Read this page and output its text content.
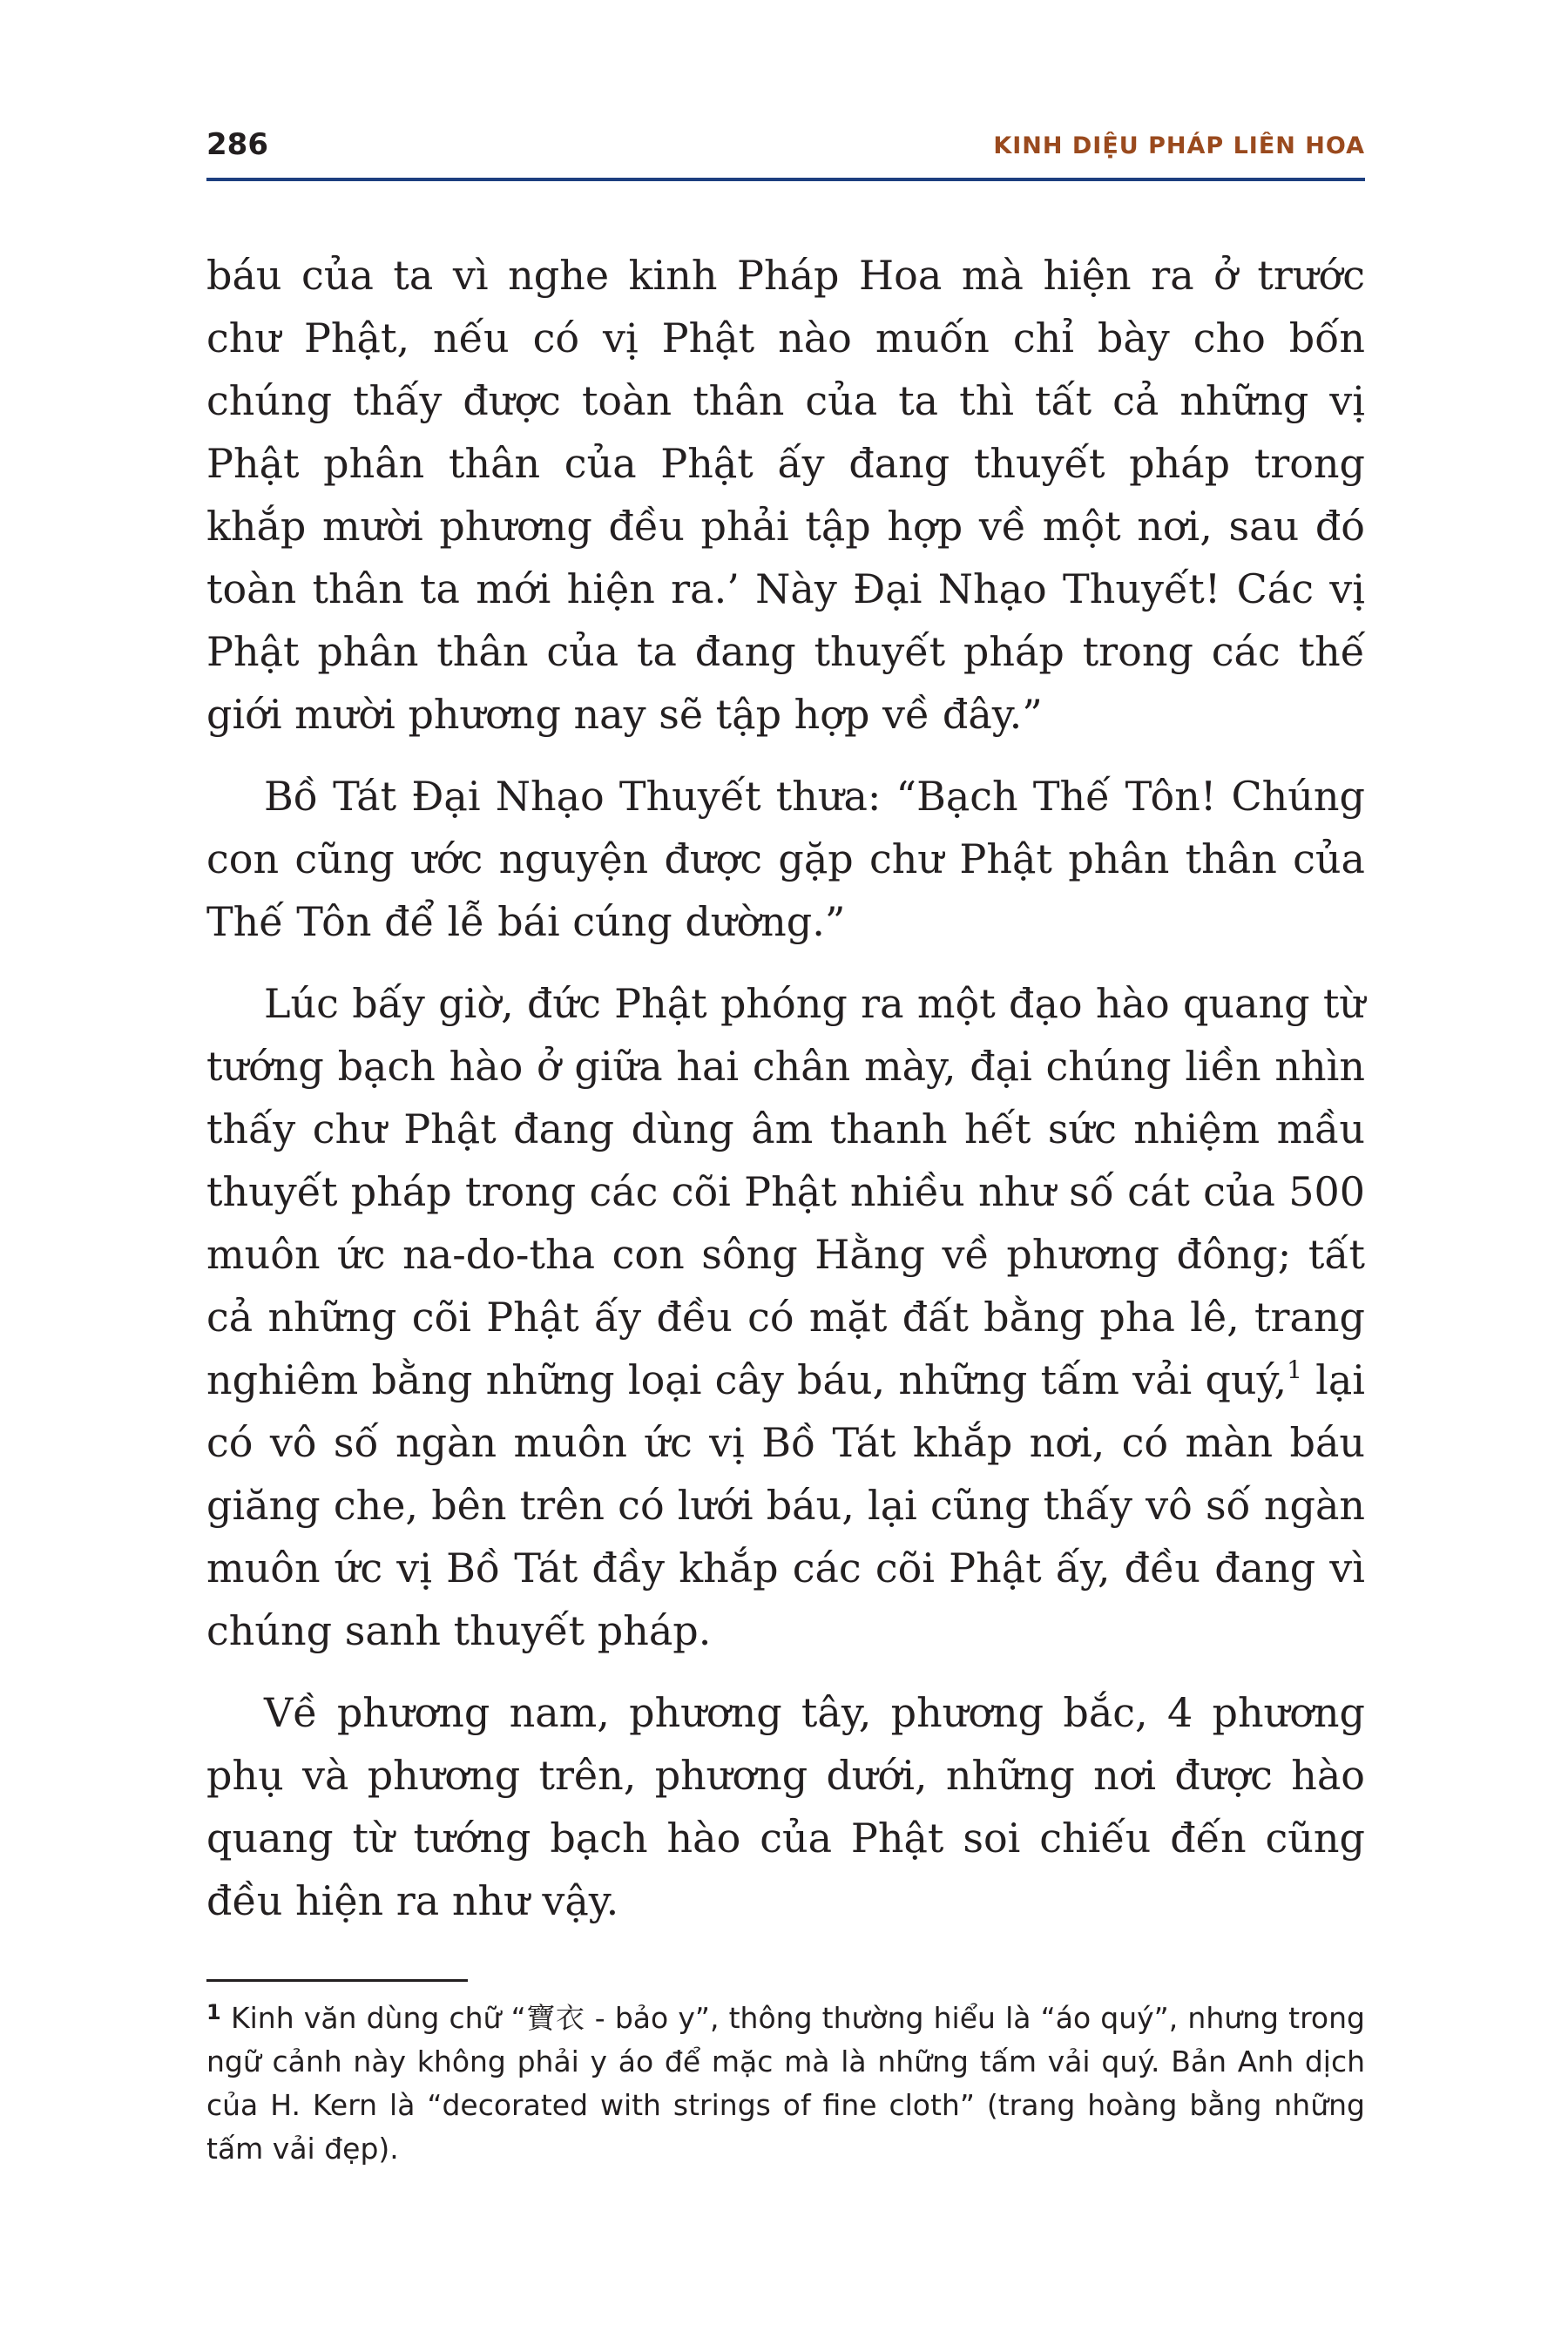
286	KINH DIỆU PHÁP LIÊN HOA

báu của ta vì nghe kinh Pháp Hoa mà hiện ra ở trước chư Phật, nếu có vị Phật nào muốn chỉ bày cho bốn chúng thấy được toàn thân của ta thì tất cả những vị Phật phân thân của Phật ấy đang thuyết pháp trong khắp mười phương đều phải tập hợp về một nơi, sau đó toàn thân ta mới hiện ra.’ Này Đại Nhạo Thuyết! Các vị Phật phân thân của ta đang thuyết pháp trong các thế giới mười phương nay sẽ tập hợp về đây.”

Bồ Tát Đại Nhạo Thuyết thưa: “Bạch Thế Tôn! Chúng con cũng ước nguyện được gặp chư Phật phân thân của Thế Tôn để lễ bái cúng dường.”

Lúc bấy giờ, đức Phật phóng ra một đạo hào quang từ tướng bạch hào ở giữa hai chân mày, đại chúng liền nhìn thấy chư Phật đang dùng âm thanh hết sức nhiệm mầu thuyết pháp trong các cõi Phật nhiều như số cát của 500 muôn ức na-do-tha con sông Hằng về phương đông; tất cả những cõi Phật ấy đều có mặt đất bằng pha lê, trang nghiêm bằng những loại cây báu, những tấm vải quý,$^1$ lại có vô số ngàn muôn ức vị Bồ Tát khắp nơi, có màn báu giăng che, bên trên có lưới báu, lại cũng thấy vô số ngàn muôn ức vị Bồ Tát đầy khắp các cõi Phật ấy, đều đang vì chúng sanh thuyết pháp.

Về phương nam, phương tây, phương bắc, 4 phương phụ và phương trên, phương dưới, những nơi được hào quang từ tướng bạch hào của Phật soi chiếu đến cũng đều hiện ra như vậy.

1 Kinh văn dùng chữ “寶衣 - bảo y”, thông thường hiểu là “áo quý”, nhưng trong ngữ cảnh này không phải y áo để mặc mà là những tấm vải quý. Bản Anh dịch của H. Kern là “decorated with strings of fine cloth” (trang hoàng bằng những tấm vải đẹp).
